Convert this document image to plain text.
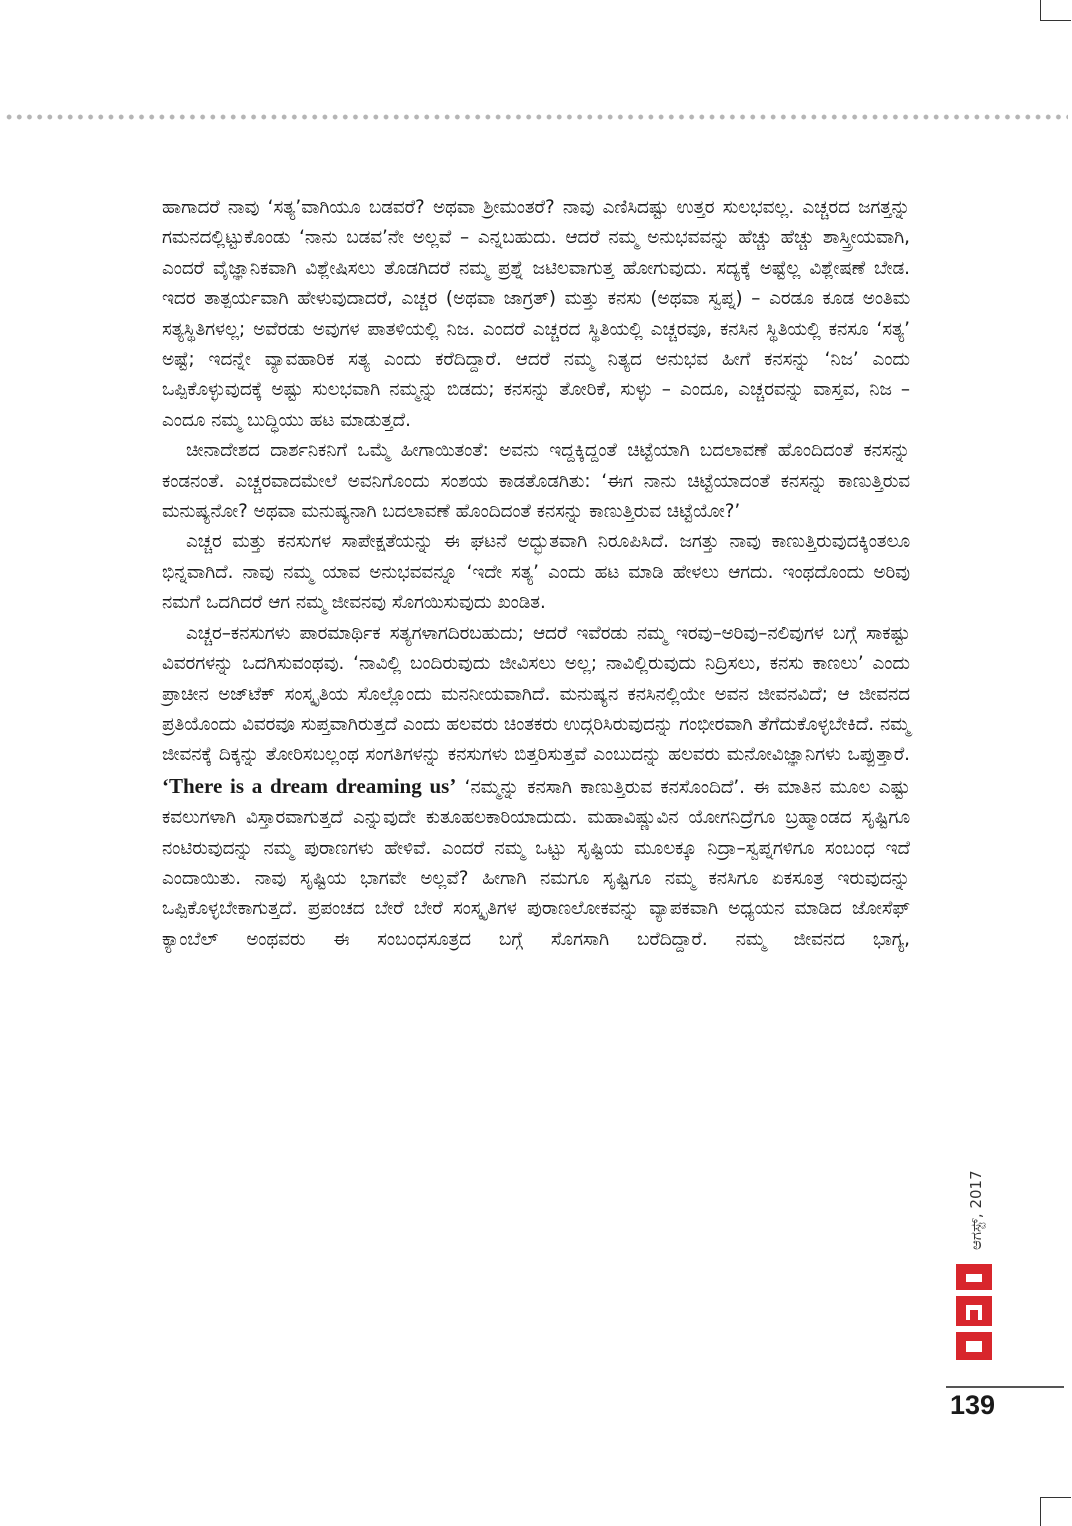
ಹಾಗಾದರೆ ನಾವು ‘ಸತ್ಯ’ವಾಗಿಯೂ ಬಡವರೆ? ಅಥವಾ ಶ್ರೀಮಂತರೆ? ನಾವು ಎಣಿಸಿದಷ್ಟು ಉತ್ತರ ಸುಲಭವಲ್ಲ. ಎಚ್ಚರದ ಜಗತ್ತನ್ನು ಗಮನದಲ್ಲಿಟ್ಟುಕೊಂಡು ‘ನಾನು ಬಡವ’ನೇ ಅಲ್ಲವೆ – ಎನ್ನಬಹುದು. ಆದರೆ ನಮ್ಮ ಅನುಭವವನ್ನು ಹೆಚ್ಚು ಹೆಚ್ಚು ಶಾಸ್ತ್ರೀಯವಾಗಿ, ಎಂದರೆ ವೈಜ್ಞಾನಿಕವಾಗಿ ವಿಶ್ಲೇಷಿಸಲು ತೊಡಗಿದರೆ ನಮ್ಮ ಪ್ರಶ್ನೆ ಜಟಿಲವಾಗುತ್ತ ಹೋಗುವುದು. ಸದ್ಯಕ್ಕೆ ಅಷ್ಟೆಲ್ಲ ವಿಶ್ಲೇಷಣೆ ಬೇಡ. ಇದರ ತಾತ್ಪರ್ಯವಾಗಿ ಹೇಳುವುದಾದರೆ, ಎಚ್ಚರ (ಅಥವಾ ಜಾಗ್ರತ್) ಮತ್ತು ಕನಸು (ಅಥವಾ ಸ್ವಪ್ನ) – ಎರಡೂ ಕೂಡ ಅಂತಿಮ ಸತ್ಯಸ್ಥಿತಿಗಳಲ್ಲ; ಅವೆರಡು ಅವುಗಳ ಪಾತಳಿಯಲ್ಲಿ ನಿಜ. ಎಂದರೆ ಎಚ್ಚರದ ಸ್ಥಿತಿಯಲ್ಲಿ ಎಚ್ಚರವೂ, ಕನಸಿನ ಸ್ಥಿತಿಯಲ್ಲಿ ಕನಸೂ ‘ಸತ್ಯ’ ಅಷ್ಟೆ; ಇದನ್ನೇ ವ್ಯಾವಹಾರಿಕ ಸತ್ಯ ಎಂದು ಕರೆದಿದ್ದಾರೆ. ಆದರೆ ನಮ್ಮ ನಿತ್ಯದ ಅನುಭವ ಹೀಗೆ ಕನಸನ್ನು ‘ನಿಜ’ ಎಂದು ಒಪ್ಪಿಕೊಳ್ಳುವುದಕ್ಕೆ ಅಷ್ಟು ಸುಲಭವಾಗಿ ನಮ್ಮನ್ನು ಬಿಡದು; ಕನಸನ್ನು ತೋರಿಕೆ, ಸುಳ್ಳು – ಎಂದೂ, ಎಚ್ಚರವನ್ನು ವಾಸ್ತವ, ನಿಜ – ಎಂದೂ ನಮ್ಮ ಬುದ್ಧಿಯು ಹಟ ಮಾಡುತ್ತದೆ.

ಚೀನಾದೇಶದ ದಾರ್ಶನಿಕನಿಗೆ ಒಮ್ಮೆ ಹೀಗಾಯಿತಂತೆ: ಅವನು ಇದ್ದಕ್ಕಿದ್ದಂತೆ ಚಿಟ್ಟೆಯಾಗಿ ಬದಲಾವಣೆ ಹೊಂದಿದಂತೆ ಕನಸನ್ನು ಕಂಡನಂತೆ. ಎಚ್ಚರವಾದಮೇಲೆ ಅವನಿಗೊಂದು ಸಂಶಯ ಕಾಡತೊಡಗಿತು: ‘ಈಗ ನಾನು ಚಿಟ್ಟೆಯಾದಂತೆ ಕನಸನ್ನು ಕಾಣುತ್ತಿರುವ ಮನುಷ್ಯನೋ? ಅಥವಾ ಮನುಷ್ಯನಾಗಿ ಬದಲಾವಣೆ ಹೊಂದಿದಂತೆ ಕನಸನ್ನು ಕಾಣುತ್ತಿರುವ ಚಿಟ್ಟೆಯೋ?’

ಎಚ್ಚರ ಮತ್ತು ಕನಸುಗಳ ಸಾಪೇಕ್ಷತೆಯನ್ನು ಈ ಘಟನೆ ಅದ್ಭುತವಾಗಿ ನಿರೂಪಿಸಿದೆ. ಜಗತ್ತು ನಾವು ಕಾಣುತ್ತಿರುವುದಕ್ಕಿಂತಲೂ ಭಿನ್ನವಾಗಿದೆ. ನಾವು ನಮ್ಮ ಯಾವ ಅನುಭವವನ್ನೂ ‘ಇದೇ ಸತ್ಯ’ ಎಂದು ಹಟ ಮಾಡಿ ಹೇಳಲು ಆಗದು. ಇಂಥದೊಂದು ಅರಿವು ನಮಗೆ ಒದಗಿದರೆ ಆಗ ನಮ್ಮ ಜೀವನವು ಸೊಗಯಿಸುವುದು ಖಂಡಿತ.

ಎಚ್ಚರ–ಕನಸುಗಳು ಪಾರಮಾರ್ಥಿಕ ಸತ್ಯಗಳಾಗದಿರಬಹುದು; ಆದರೆ ಇವೆರಡು ನಮ್ಮ ಇರವು–ಅರಿವು–ನಲಿವುಗಳ ಬಗ್ಗೆ ಸಾಕಷ್ಟು ವಿವರಗಳನ್ನು ಒದಗಿಸುವಂಥವು. ‘ನಾವಿಲ್ಲಿ ಬಂದಿರುವುದು ಜೀವಿಸಲು ಅಲ್ಲ; ನಾವಿಲ್ಲಿರುವುದು ನಿದ್ರಿಸಲು, ಕನಸು ಕಾಣಲು’ ಎಂದು ಪ್ರಾಚೀನ ಅಜ್‌ಟೆಕ್ ಸಂಸ್ಕೃತಿಯ ಸೊಲ್ಲೊಂದು ಮನನೀಯವಾಗಿದೆ. ಮನುಷ್ಯನ ಕನಸಿನಲ್ಲಿಯೇ ಅವನ ಜೀವನವಿದೆ; ಆ ಜೀವನದ ಪ್ರತಿಯೊಂದು ವಿವರವೂ ಸುಪ್ತವಾಗಿರುತ್ತದೆ ಎಂದು ಹಲವರು ಚಿಂತಕರು ಉದ್ಗರಿಸಿರುವುದನ್ನು ಗಂಭೀರವಾಗಿ ತೆಗೆದುಕೊಳ್ಳಬೇಕಿದೆ. ನಮ್ಮ ಜೀವನಕ್ಕೆ ದಿಕ್ಕನ್ನು ತೋರಿಸಬಲ್ಲಂಥ ಸಂಗತಿಗಳನ್ನು ಕನಸುಗಳು ಬಿತ್ತರಿಸುತ್ತವೆ ಎಂಬುದನ್ನು ಹಲವರು ಮನೋವಿಜ್ಞಾನಿಗಳು ಒಪ್ಪುತ್ತಾರೆ. ‘There is a dream dreaming us’ ‘ನಮ್ಮನ್ನು ಕನಸಾಗಿ ಕಾಣುತ್ತಿರುವ ಕನಸೊಂದಿದೆ’. ಈ ಮಾತಿನ ಮೂಲ ಎಷ್ಟು ಕವಲುಗಳಾಗಿ ವಿಸ್ತಾರವಾಗುತ್ತದೆ ಎನ್ನುವುದೇ ಕುತೂಹಲಕಾರಿಯಾದುದು. ಮಹಾವಿಷ್ಣುವಿನ ಯೋಗನಿದ್ರೆಗೂ ಬ್ರಹ್ಮಾಂಡದ ಸೃಷ್ಟಿಗೂ ನಂಟಿರುವುದನ್ನು ನಮ್ಮ ಪುರಾಣಗಳು ಹೇಳಿವೆ. ಎಂದರೆ ನಮ್ಮ ಒಟ್ಟು ಸೃಷ್ಟಿಯ ಮೂಲಕ್ಕೂ ನಿದ್ರಾ–ಸ್ವಪ್ನಗಳಿಗೂ ಸಂಬಂಧ ಇದೆ ಎಂದಾಯಿತು. ನಾವು ಸೃಷ್ಟಿಯ ಭಾಗವೇ ಅಲ್ಲವೆ? ಹೀಗಾಗಿ ನಮಗೂ ಸೃಷ್ಟಿಗೂ ನಮ್ಮ ಕನಸಿಗೂ ಏಕಸೂತ್ರ ಇರುವುದನ್ನು ಒಪ್ಪಿಕೊಳ್ಳಬೇಕಾಗುತ್ತದೆ. ಪ್ರಪಂಚದ ಬೇರೆ ಬೇರೆ ಸಂಸ್ಕೃತಿಗಳ ಪುರಾಣಲೋಕವನ್ನು ವ್ಯಾಪಕವಾಗಿ ಅಧ್ಯಯನ ಮಾಡಿದ ಜೋಸೆಫ್ ಕ್ಯಾಂಬೆಲ್ ಅಂಥವರು ಈ ಸಂಬಂಧಸೂತ್ರದ ಬಗ್ಗೆ ಸೊಗಸಾಗಿ ಬರೆದಿದ್ದಾರೆ. ನಮ್ಮ ಜೀವನದ ಭಾಗ್ಯ,

ಆಗಸ್ಟ್, 2017
139
